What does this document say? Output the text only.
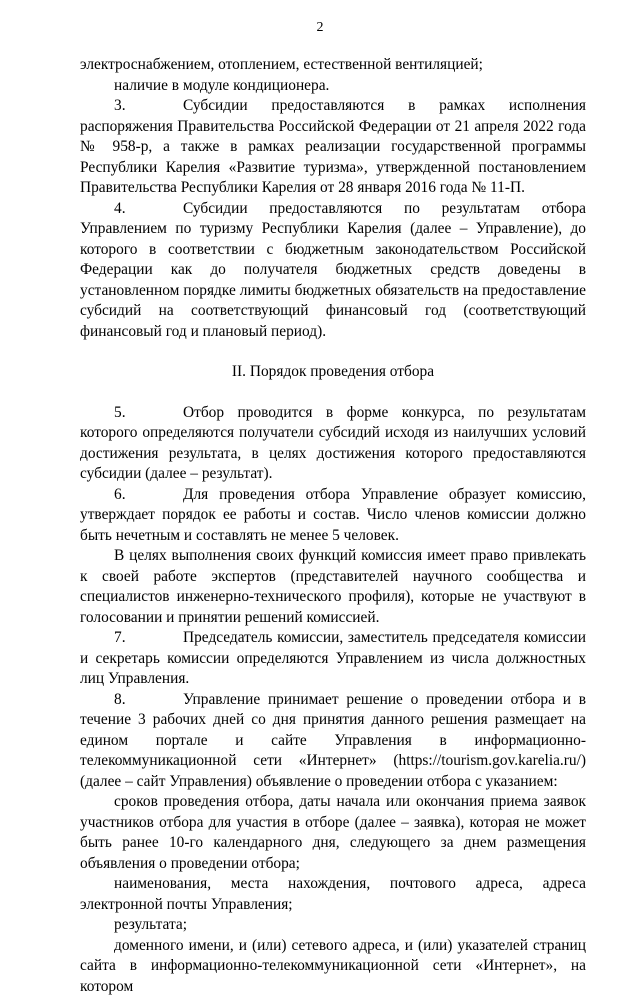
2

электроснабжением, отоплением, естественной вентиляцией;

наличие в модуле кондиционера.

3.	Субсидии предоставляются в рамках исполнения распоряжения Правительства Российской Федерации от 21 апреля 2022 года № 958-р, а также в рамках реализации государственной программы Республики Карелия «Развитие туризма», утвержденной постановлением Правительства Республики Карелия от 28 января 2016 года № 11-П.

4.	Субсидии предоставляются по результатам отбора Управлением по туризму Республики Карелия (далее – Управление), до которого в соответствии с бюджетным законодательством Российской Федерации как до получателя бюджетных средств доведены в установленном порядке лимиты бюджетных обязательств на предоставление субсидий на соответствующий финансовый год (соответствующий финансовый год и плановый период).

II. Порядок проведения отбора

5.	Отбор проводится в форме конкурса, по результатам которого определяются получатели субсидий исходя из наилучших условий достижения результата, в целях достижения которого предоставляются субсидии (далее – результат).

6.	Для проведения отбора Управление образует комиссию, утверждает порядок ее работы и состав. Число членов комиссии должно быть нечетным и составлять не менее 5 человек.

В целях выполнения своих функций комиссия имеет право привлекать к своей работе экспертов (представителей научного сообщества и специалистов инженерно-технического профиля), которые не участвуют в голосовании и принятии решений комиссией.

7.	Председатель комиссии, заместитель председателя комиссии и секретарь комиссии определяются Управлением из числа должностных лиц Управления.

8.	Управление принимает решение о проведении отбора и в течение 3 рабочих дней со дня принятия данного решения размещает на едином портале и сайте Управления в информационно-телекоммуникационной сети «Интернет» (https://tourism.gov.karelia.ru/) (далее – сайт Управления) объявление о проведении отбора с указанием:

сроков проведения отбора, даты начала или окончания приема заявок участников отбора для участия в отборе (далее – заявка), которая не может быть ранее 10-го календарного дня, следующего за днем размещения объявления о проведении отбора;

наименования, места нахождения, почтового адреса, адреса электронной почты Управления;

результата;

доменного имени, и (или) сетевого адреса, и (или) указателей страниц сайта в информационно-телекоммуникационной сети «Интернет», на котором
